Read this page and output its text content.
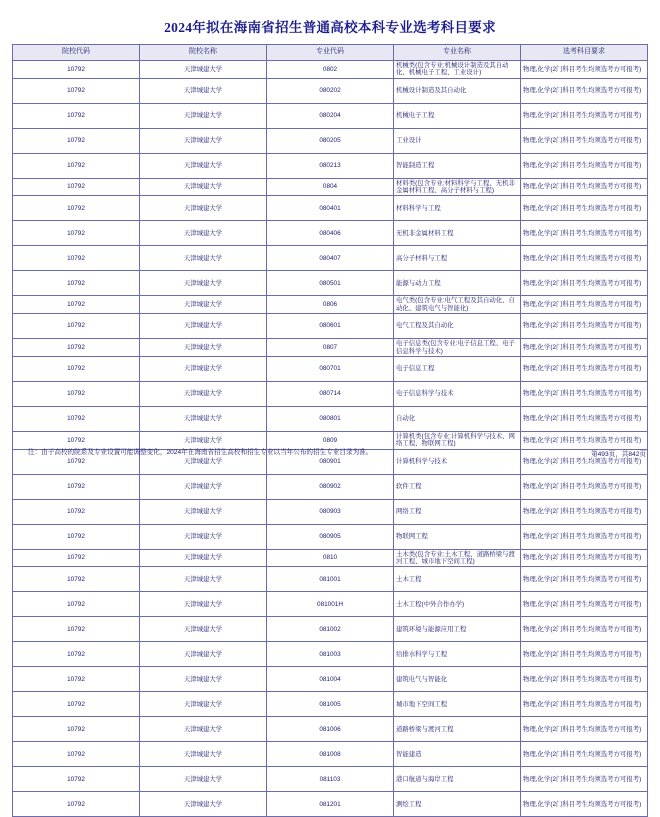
2024年拟在海南省招生普通高校本科专业选考科目要求
院校代码	院校名称	专业代码	专业名称	选考科目要求
10792	天津城建大学	0802	机械类(包含专业:机械设计制造及其自动化、机械电子工程、工业设计)	物理,化学(2门科目考生均须选考方可报考)
10792	天津城建大学	080202	机械设计制造及其自动化	物理,化学(2门科目考生均须选考方可报考)
10792	天津城建大学	080204	机械电子工程	物理,化学(2门科目考生均须选考方可报考)
10792	天津城建大学	080205	工业设计	物理,化学(2门科目考生均须选考方可报考)
10792	天津城建大学	080213	智能制造工程	物理,化学(2门科目考生均须选考方可报考)
10792	天津城建大学	0804	材料类(包含专业:材料科学与工程、无机非金属材料工程、高分子材料与工程)	物理,化学(2门科目考生均须选考方可报考)
10792	天津城建大学	080401	材料科学与工程	物理,化学(2门科目考生均须选考方可报考)
10792	天津城建大学	080406	无机非金属材料工程	物理,化学(2门科目考生均须选考方可报考)
10792	天津城建大学	080407	高分子材料与工程	物理,化学(2门科目考生均须选考方可报考)
10792	天津城建大学	080501	能源与动力工程	物理,化学(2门科目考生均须选考方可报考)
10792	天津城建大学	0806	电气类(包含专业:电气工程及其自动化、自动化、建筑电气与智能化)	物理,化学(2门科目考生均须选考方可报考)
10792	天津城建大学	080601	电气工程及其自动化	物理,化学(2门科目考生均须选考方可报考)
10792	天津城建大学	0807	电子信息类(包含专业:电子信息工程、电子信息科学与技术)	物理,化学(2门科目考生均须选考方可报考)
10792	天津城建大学	080701	电子信息工程	物理,化学(2门科目考生均须选考方可报考)
10792	天津城建大学	080714	电子信息科学与技术	物理,化学(2门科目考生均须选考方可报考)
10792	天津城建大学	080801	自动化	物理,化学(2门科目考生均须选考方可报考)
10792	天津城建大学	0809	计算机类(包含专业:计算机科学与技术、网络工程、物联网工程)	物理,化学(2门科目考生均须选考方可报考)
10792	天津城建大学	080901	计算机科学与技术	物理,化学(2门科目考生均须选考方可报考)
10792	天津城建大学	080902	软件工程	物理,化学(2门科目考生均须选考方可报考)
10792	天津城建大学	080903	网络工程	物理,化学(2门科目考生均须选考方可报考)
10792	天津城建大学	080905	物联网工程	物理,化学(2门科目考生均须选考方可报考)
10792	天津城建大学	0810	土木类(包含专业:土木工程、道路桥梁与渡河工程、城市地下空间工程)	物理,化学(2门科目考生均须选考方可报考)
10792	天津城建大学	081001	土木工程	物理,化学(2门科目考生均须选考方可报考)
10792	天津城建大学	081001H	土木工程(中外合作办学)	物理,化学(2门科目考生均须选考方可报考)
10792	天津城建大学	081002	建筑环境与能源应用工程	物理,化学(2门科目考生均须选考方可报考)
10792	天津城建大学	081003	给排水科学与工程	物理,化学(2门科目考生均须选考方可报考)
10792	天津城建大学	081004	建筑电气与智能化	物理,化学(2门科目考生均须选考方可报考)
10792	天津城建大学	081005	城市地下空间工程	物理,化学(2门科目考生均须选考方可报考)
10792	天津城建大学	081006	道路桥梁与渡河工程	物理,化学(2门科目考生均须选考方可报考)
10792	天津城建大学	081008	智能建造	物理,化学(2门科目考生均须选考方可报考)
10792	天津城建大学	081103	港口航道与海岸工程	物理,化学(2门科目考生均须选考方可报考)
10792	天津城建大学	081201	测绘工程	物理,化学(2门科目考生均须选考方可报考)
注：由于高校的院系及专业设置可能调整变化，2024年在海南省招生高校和招生专业以当年公布的招生专业目录为准。	第493页，共842页
